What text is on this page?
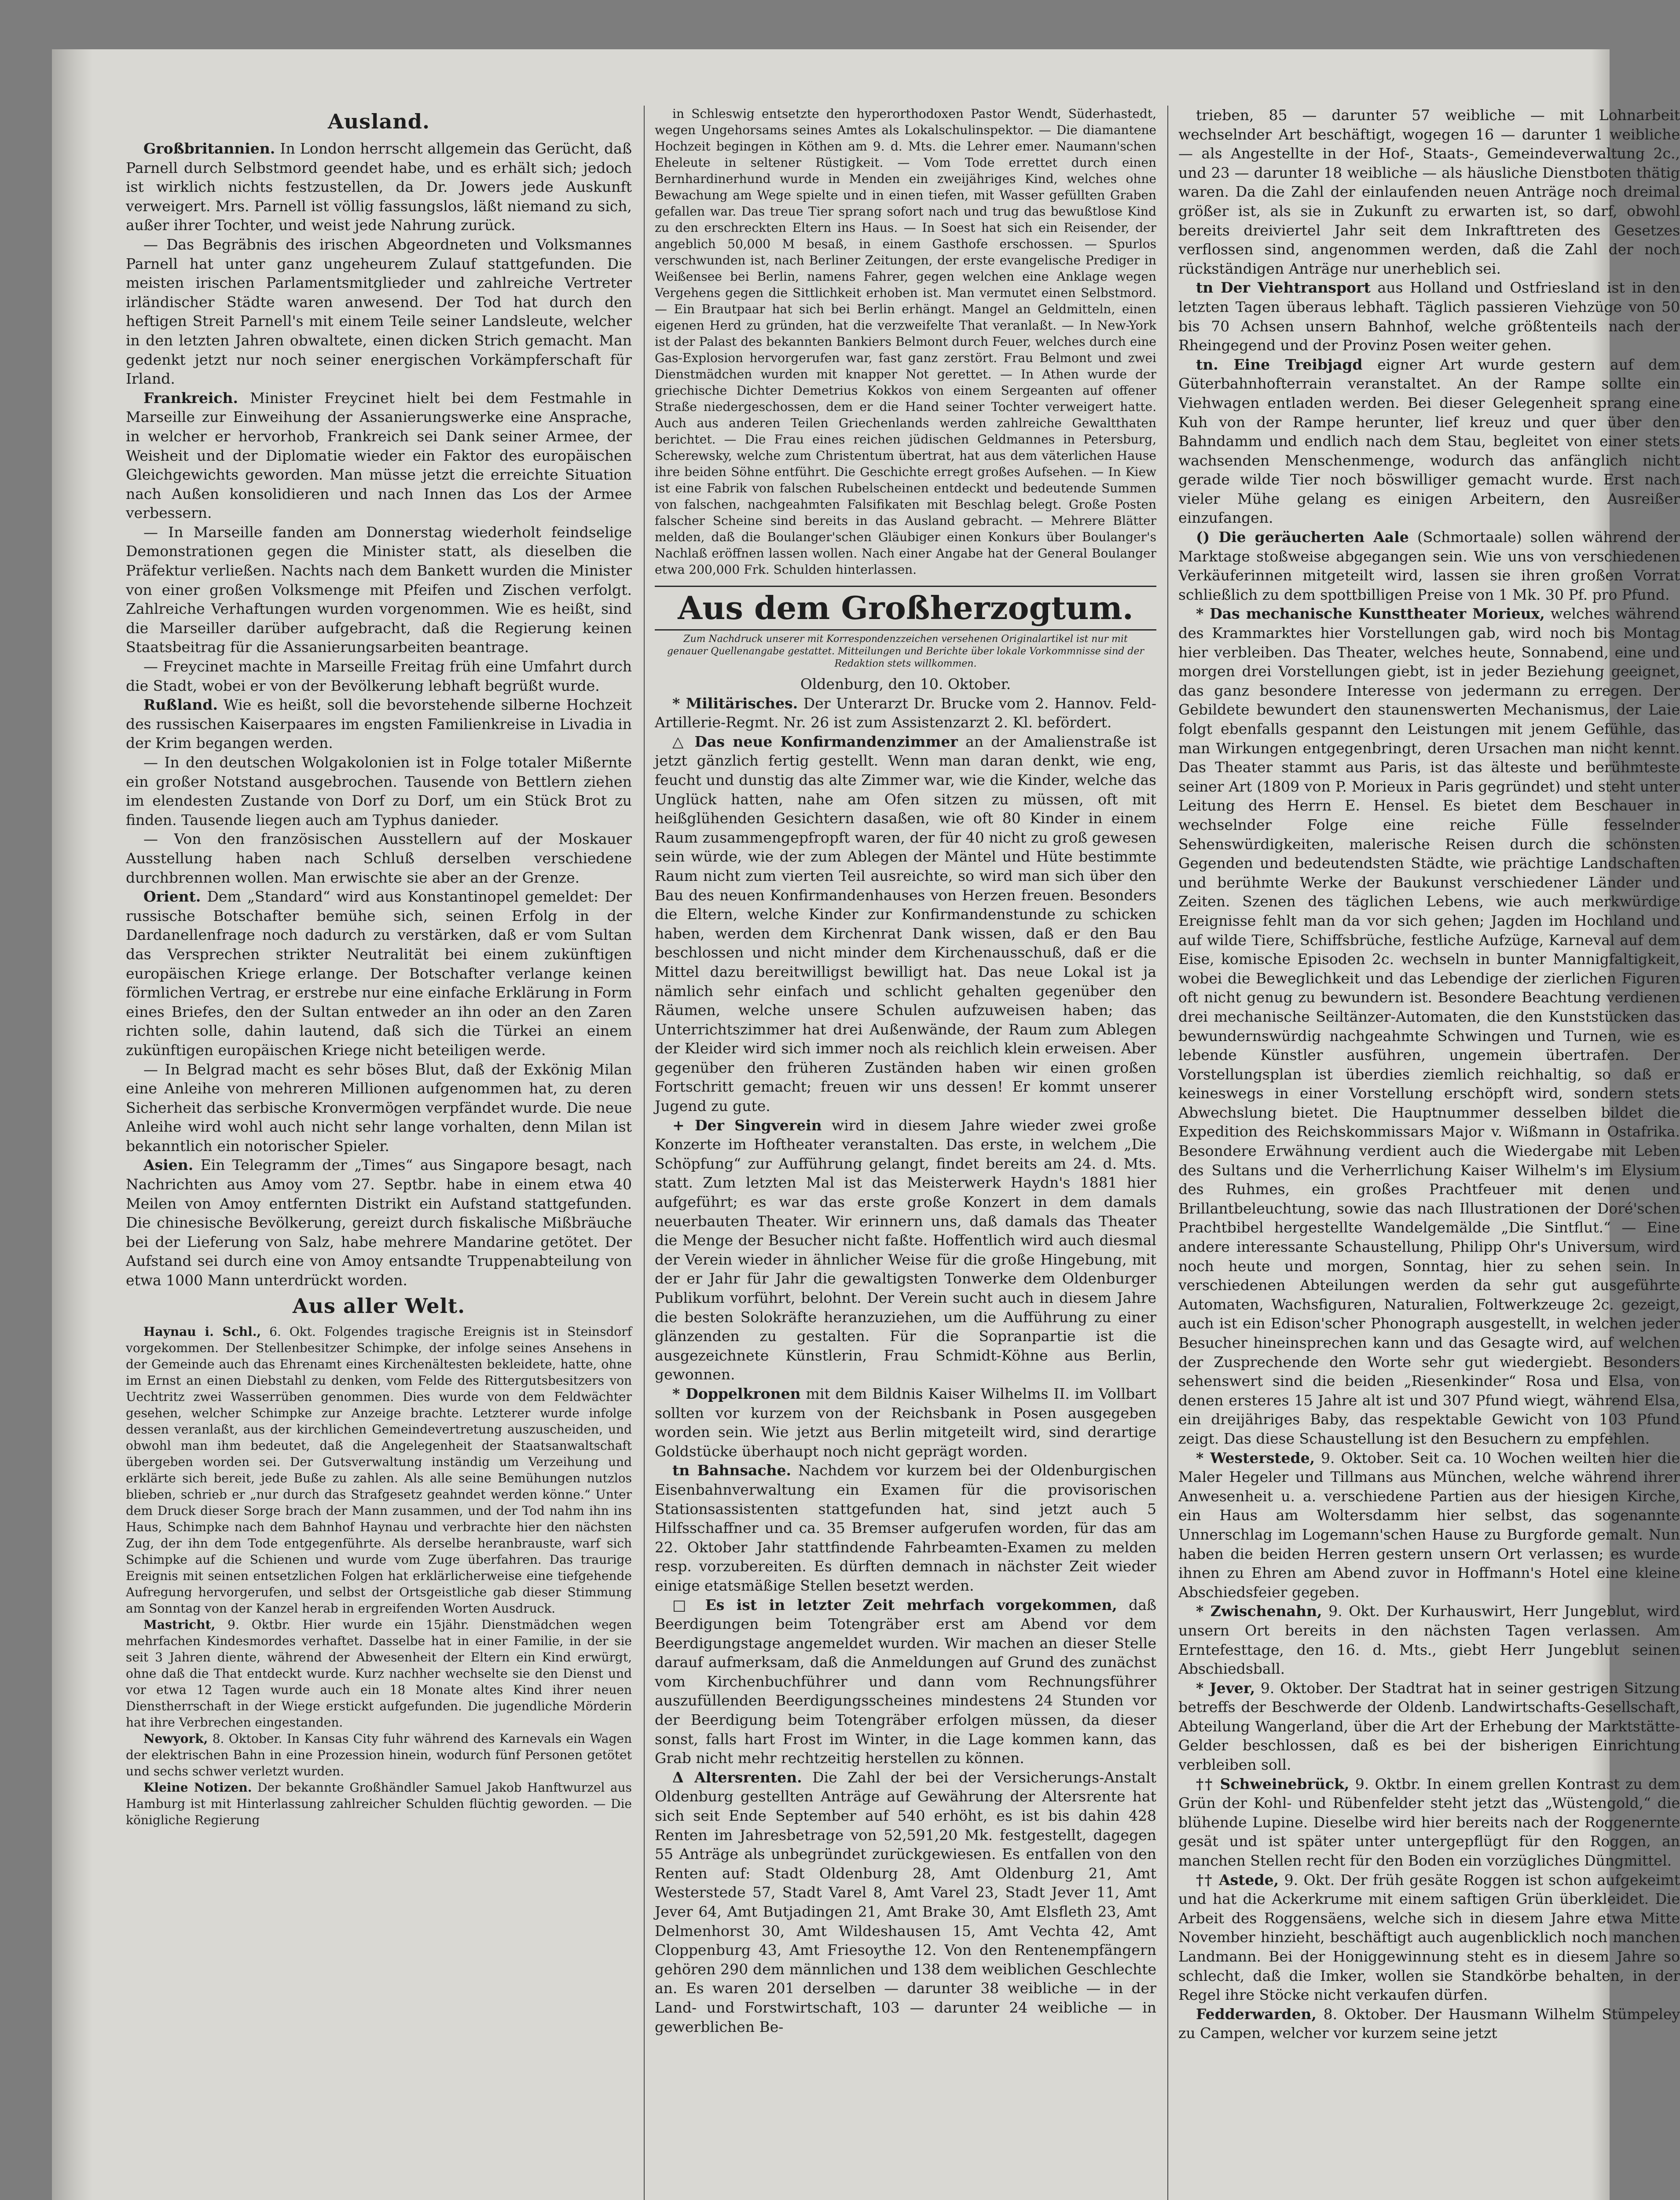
Ausland.

Großbritannien. In London herrscht allgemein das Gerücht, daß Parnell durch Selbstmord geendet habe, und es erhält sich; jedoch ist wirklich nichts festzustellen, da Dr. Jowers jede Auskunft verweigert. Mrs. Parnell ist völlig fassungslos, läßt niemand zu sich, außer ihrer Tochter, und weist jede Nahrung zurück.

— Das Begräbnis des irischen Abgeordneten und Volksmannes Parnell hat unter ganz ungeheurem Zulauf stattgefunden. Die meisten irischen Parlamentsmitglieder und zahlreiche Vertreter irländischer Städte waren anwesend. Der Tod hat durch den heftigen Streit Parnell's mit einem Teile seiner Landsleute, welcher in den letzten Jahren obwaltete, einen dicken Strich gemacht. Man gedenkt jetzt nur noch seiner energischen Vorkämpferschaft für Irland.

Frankreich. Minister Freycinet hielt bei dem Festmahle in Marseille zur Einweihung der Assanierungswerke eine Ansprache, in welcher er hervorhob, Frankreich sei Dank seiner Armee, der Weisheit und der Diplomatie wieder ein Faktor des europäischen Gleichgewichts geworden. Man müsse jetzt die erreichte Situation nach Außen konsolidieren und nach Innen das Los der Armee verbessern.

— In Marseille fanden am Donnerstag wiederholt feindselige Demonstrationen gegen die Minister statt, als dieselben die Präfektur verließen. Nachts nach dem Bankett wurden die Minister von einer großen Volksmenge mit Pfeifen und Zischen verfolgt. Zahlreiche Verhaftungen wurden vorgenommen. Wie es heißt, sind die Marseiller darüber aufgebracht, daß die Regierung keinen Staatsbeitrag für die Assanierungsarbeiten beantrage.

— Freycinet machte in Marseille Freitag früh eine Umfahrt durch die Stadt, wobei er von der Bevölkerung lebhaft begrüßt wurde.

Rußland. Wie es heißt, soll die bevorstehende silberne Hochzeit des russischen Kaiserpaares im engsten Familienkreise in Livadia in der Krim begangen werden.

— In den deutschen Wolgakolonien ist in Folge totaler Mißernte ein großer Notstand ausgebrochen. Tausende von Bettlern ziehen im elendesten Zustande von Dorf zu Dorf, um ein Stück Brot zu finden. Tausende liegen auch am Typhus danieder.

— Von den französischen Ausstellern auf der Moskauer Ausstellung haben nach Schluß derselben verschiedene durchbrennen wollen. Man erwischte sie aber an der Grenze.

Orient. Dem „Standard“ wird aus Konstantinopel gemeldet: Der russische Botschafter bemühe sich, seinen Erfolg in der Dardanellenfrage noch dadurch zu verstärken, daß er vom Sultan das Versprechen strikter Neutralität bei einem zukünftigen europäischen Kriege erlange. Der Botschafter verlange keinen förmlichen Vertrag, er erstrebe nur eine einfache Erklärung in Form eines Briefes, den der Sultan entweder an ihn oder an den Zaren richten solle, dahin lautend, daß sich die Türkei an einem zukünftigen europäischen Kriege nicht beteiligen werde.

— In Belgrad macht es sehr böses Blut, daß der Exkönig Milan eine Anleihe von mehreren Millionen aufgenommen hat, zu deren Sicherheit das serbische Kronvermögen verpfändet wurde. Die neue Anleihe wird wohl auch nicht sehr lange vorhalten, denn Milan ist bekanntlich ein notorischer Spieler.

Asien. Ein Telegramm der „Times“ aus Singapore besagt, nach Nachrichten aus Amoy vom 27. Septbr. habe in einem etwa 40 Meilen von Amoy entfernten Distrikt ein Aufstand stattgefunden. Die chinesische Bevölkerung, gereizt durch fiskalische Mißbräuche bei der Lieferung von Salz, habe mehrere Mandarine getötet. Der Aufstand sei durch eine von Amoy entsandte Truppenabteilung von etwa 1000 Mann unterdrückt worden.

Aus aller Welt.

Haynau i. Schl., 6. Okt. Folgendes tragische Ereignis ist in Steinsdorf vorgekommen. Der Stellenbesitzer Schimpke, der infolge seines Ansehens in der Gemeinde auch das Ehrenamt eines Kirchenältesten bekleidete, hatte, ohne im Ernst an einen Diebstahl zu denken, vom Felde des Rittergutsbesitzers von Uechtritz zwei Wasserrüben genommen. Dies wurde von dem Feldwächter gesehen, welcher Schimpke zur Anzeige brachte. Letzterer wurde infolge dessen veranlaßt, aus der kirchlichen Gemeindevertretung auszuscheiden, und obwohl man ihm bedeutet, daß die Angelegenheit der Staatsanwaltschaft übergeben worden sei. Der Gutsverwaltung inständig um Verzeihung und erklärte sich bereit, jede Buße zu zahlen. Als alle seine Bemühungen nutzlos blieben, schrieb er „nur durch das Strafgesetz geahndet werden könne.“ Unter dem Druck dieser Sorge brach der Mann zusammen, und der Tod nahm ihn ins Haus, Schimpke nach dem Bahnhof Haynau und verbrachte hier den nächsten Zug, der ihn dem Tode entgegenführte. Als derselbe heranbrauste, warf sich Schimpke auf die Schienen und wurde vom Zuge überfahren. Das traurige Ereignis mit seinen entsetzlichen Folgen hat erklärlicherweise eine tiefgehende Aufregung hervorgerufen, und selbst der Ortsgeistliche gab dieser Stimmung am Sonntag von der Kanzel herab in ergreifenden Worten Ausdruck.

Mastricht, 9. Oktbr. Hier wurde ein 15jähr. Dienstmädchen wegen mehrfachen Kindesmordes verhaftet. Dasselbe hat in einer Familie, in der sie seit 3 Jahren diente, während der Abwesenheit der Eltern ein Kind erwürgt, ohne daß die That entdeckt wurde. Kurz nachher wechselte sie den Dienst und vor etwa 12 Tagen wurde auch ein 18 Monate altes Kind ihrer neuen Dienstherrschaft in der Wiege erstickt aufgefunden. Die jugendliche Mörderin hat ihre Verbrechen eingestanden.

Newyork, 8. Oktober. In Kansas City fuhr während des Karnevals ein Wagen der elektrischen Bahn in eine Prozession hinein, wodurch fünf Personen getötet und sechs schwer verletzt wurden.

Kleine Notizen. Der bekannte Großhändler Samuel Jakob Hanftwurzel aus Hamburg ist mit Hinterlassung zahlreicher Schulden flüchtig geworden. — Die königliche Regierung

in Schleswig entsetzte den hyperorthodoxen Pastor Wendt, Süderhastedt, wegen Ungehorsams seines Amtes als Lokalschulinspektor. — Die diamantene Hochzeit begingen in Köthen am 9. d. Mts. die Lehrer emer. Naumann'schen Eheleute in seltener Rüstigkeit. — Vom Tode errettet durch einen Bernhardinerhund wurde in Menden ein zweijähriges Kind, welches ohne Bewachung am Wege spielte und in einen tiefen, mit Wasser gefüllten Graben gefallen war. Das treue Tier sprang sofort nach und trug das bewußtlose Kind zu den erschreckten Eltern ins Haus. — In Soest hat sich ein Reisender, der angeblich 50,000 M besaß, in einem Gasthofe erschossen. — Spurlos verschwunden ist, nach Berliner Zeitungen, der erste evangelische Prediger in Weißensee bei Berlin, namens Fahrer, gegen welchen eine Anklage wegen Vergehens gegen die Sittlichkeit erhoben ist. Man vermutet einen Selbstmord. — Ein Brautpaar hat sich bei Berlin erhängt. Mangel an Geldmitteln, einen eigenen Herd zu gründen, hat die verzweifelte That veranlaßt. — In New-York ist der Palast des bekannten Bankiers Belmont durch Feuer, welches durch eine Gas-Explosion hervorgerufen war, fast ganz zerstört. Frau Belmont und zwei Dienstmädchen wurden mit knapper Not gerettet. — In Athen wurde der griechische Dichter Demetrius Kokkos von einem Sergeanten auf offener Straße niedergeschossen, dem er die Hand seiner Tochter verweigert hatte. Auch aus anderen Teilen Griechenlands werden zahlreiche Gewaltthaten berichtet. — Die Frau eines reichen jüdischen Geldmannes in Petersburg, Scherewsky, welche zum Christentum übertrat, hat aus dem väterlichen Hause ihre beiden Söhne entführt. Die Geschichte erregt großes Aufsehen. — In Kiew ist eine Fabrik von falschen Rubelscheinen entdeckt und bedeutende Summen von falschen, nachgeahmten Falsifikaten mit Beschlag belegt. Große Posten falscher Scheine sind bereits in das Ausland gebracht. — Mehrere Blätter melden, daß die Boulanger'schen Gläubiger einen Konkurs über Boulanger's Nachlaß eröffnen lassen wollen. Nach einer Angabe hat der General Boulanger etwa 200,000 Frk. Schulden hinterlassen.

Aus dem Großherzogtum.
Zum Nachdruck unserer mit Korrespondenzzeichen versehenen Originalartikel ist nur mit genauer Quellenangabe gestattet. Mitteilungen und Berichte über lokale Vorkommnisse sind der Redaktion stets willkommen.
Oldenburg, den 10. Oktober.

* Militärisches. Der Unterarzt Dr. Brucke vom 2. Hannov. Feld-Artillerie-Regmt. Nr. 26 ist zum Assistenzarzt 2. Kl. befördert.

△ Das neue Konfirmandenzimmer an der Amalienstraße ist jetzt gänzlich fertig gestellt. Wenn man daran denkt, wie eng, feucht und dunstig das alte Zimmer war, wie die Kinder, welche das Unglück hatten, nahe am Ofen sitzen zu müssen, oft mit heißglühenden Gesichtern dasaßen, wie oft 80 Kinder in einem Raum zusammengepfropft waren, der für 40 nicht zu groß gewesen sein würde, wie der zum Ablegen der Mäntel und Hüte bestimmte Raum nicht zum vierten Teil ausreichte, so wird man sich über den Bau des neuen Konfirmandenhauses von Herzen freuen. Besonders die Eltern, welche Kinder zur Konfirmandenstunde zu schicken haben, werden dem Kirchenrat Dank wissen, daß er den Bau beschlossen und nicht minder dem Kirchenausschuß, daß er die Mittel dazu bereitwilligst bewilligt hat. Das neue Lokal ist ja nämlich sehr einfach und schlicht gehalten gegenüber den Räumen, welche unsere Schulen aufzuweisen haben; das Unterrichtszimmer hat drei Außenwände, der Raum zum Ablegen der Kleider wird sich immer noch als reichlich klein erweisen. Aber gegenüber den früheren Zuständen haben wir einen großen Fortschritt gemacht; freuen wir uns dessen! Er kommt unserer Jugend zu gute.

+ Der Singverein wird in diesem Jahre wieder zwei große Konzerte im Hoftheater veranstalten. Das erste, in welchem „Die Schöpfung“ zur Aufführung gelangt, findet bereits am 24. d. Mts. statt. Zum letzten Mal ist das Meisterwerk Haydn's 1881 hier aufgeführt; es war das erste große Konzert in dem damals neuerbauten Theater. Wir erinnern uns, daß damals das Theater die Menge der Besucher nicht faßte. Hoffentlich wird auch diesmal der Verein wieder in ähnlicher Weise für die große Hingebung, mit der er Jahr für Jahr die gewaltigsten Tonwerke dem Oldenburger Publikum vorführt, belohnt. Der Verein sucht auch in diesem Jahre die besten Solokräfte heranzuziehen, um die Aufführung zu einer glänzenden zu gestalten. Für die Sopranpartie ist die ausgezeichnete Künstlerin, Frau Schmidt-Köhne aus Berlin, gewonnen.

* Doppelkronen mit dem Bildnis Kaiser Wilhelms II. im Vollbart sollten vor kurzem von der Reichsbank in Posen ausgegeben worden sein. Wie jetzt aus Berlin mitgeteilt wird, sind derartige Goldstücke überhaupt noch nicht geprägt worden.

tn Bahnsache. Nachdem vor kurzem bei der Oldenburgischen Eisenbahnverwaltung ein Examen für die provisorischen Stationsassistenten stattgefunden hat, sind jetzt auch 5 Hilfsschaffner und ca. 35 Bremser aufgerufen worden, für das am 22. Oktober Jahr stattfindende Fahrbeamten-Examen zu melden resp. vorzubereiten. Es dürften demnach in nächster Zeit wieder einige etatsmäßige Stellen besetzt werden.

□ Es ist in letzter Zeit mehrfach vorgekommen, daß Beerdigungen beim Totengräber erst am Abend vor dem Beerdigungstage angemeldet wurden. Wir machen an dieser Stelle darauf aufmerksam, daß die Anmeldungen auf Grund des zunächst vom Kirchenbuchführer und dann vom Rechnungsführer auszufüllenden Beerdigungsscheines mindestens 24 Stunden vor der Beerdigung beim Totengräber erfolgen müssen, da dieser sonst, falls hart Frost im Winter, in die Lage kommen kann, das Grab nicht mehr rechtzeitig herstellen zu können.

Δ Altersrenten. Die Zahl der bei der Versicherungs-Anstalt Oldenburg gestellten Anträge auf Gewährung der Altersrente hat sich seit Ende September auf 540 erhöht, es ist bis dahin 428 Renten im Jahresbetrage von 52,591,20 Mk. festgestellt, dagegen 55 Anträge als unbegründet zurückgewiesen. Es entfallen von den Renten auf: Stadt Oldenburg 28, Amt Oldenburg 21, Amt Westerstede 57, Stadt Varel 8, Amt Varel 23, Stadt Jever 11, Amt Jever 64, Amt Butjadingen 21, Amt Brake 30, Amt Elsfleth 23, Amt Delmenhorst 30, Amt Wildeshausen 15, Amt Vechta 42, Amt Cloppenburg 43, Amt Friesoythe 12. Von den Rentenempfängern gehören 290 dem männlichen und 138 dem weiblichen Geschlechte an. Es waren 201 derselben — darunter 38 weibliche — in der Land- und Forstwirtschaft, 103 — darunter 24 weibliche — in gewerblichen Be-

trieben, 85 — darunter 57 weibliche — mit Lohnarbeit wechselnder Art beschäftigt, wogegen 16 — darunter 1 weibliche — als Angestellte in der Hof-, Staats-, Gemeindeverwaltung 2c., und 23 — darunter 18 weibliche — als häusliche Dienstboten thätig waren. Da die Zahl der einlaufenden neuen Anträge noch dreimal größer ist, als sie in Zukunft zu erwarten ist, so darf, obwohl bereits dreiviertel Jahr seit dem Inkrafttreten des Gesetzes verflossen sind, angenommen werden, daß die Zahl der noch rückständigen Anträge nur unerheblich sei.

tn Der Viehtransport aus Holland und Ostfriesland ist in den letzten Tagen überaus lebhaft. Täglich passieren Viehzüge von 50 bis 70 Achsen unsern Bahnhof, welche größtenteils nach der Rheingegend und der Provinz Posen weiter gehen.

tn. Eine Treibjagd eigner Art wurde gestern auf dem Güterbahnhofterrain veranstaltet. An der Rampe sollte ein Viehwagen entladen werden. Bei dieser Gelegenheit sprang eine Kuh von der Rampe herunter, lief kreuz und quer über den Bahndamm und endlich nach dem Stau, begleitet von einer stets wachsenden Menschenmenge, wodurch das anfänglich nicht gerade wilde Tier noch böswilliger gemacht wurde. Erst nach vieler Mühe gelang es einigen Arbeitern, den Ausreißer einzufangen.

() Die geräucherten Aale (Schmortaale) sollen während der Marktage stoßweise abgegangen sein. Wie uns von verschiedenen Verkäuferinnen mitgeteilt wird, lassen sie ihren großen Vorrat schließlich zu dem spottbilligen Preise von 1 Mk. 30 Pf. pro Pfund.

* Das mechanische Kunsttheater Morieux, welches während des Krammarktes hier Vorstellungen gab, wird noch bis Montag hier verbleiben. Das Theater, welches heute, Sonnabend, eine und morgen drei Vorstellungen giebt, ist in jeder Beziehung geeignet, das ganz besondere Interesse von jedermann zu erregen. Der Gebildete bewundert den staunenswerten Mechanismus, der Laie folgt ebenfalls gespannt den Leistungen mit jenem Gefühle, das man Wirkungen entgegenbringt, deren Ursachen man nicht kennt. Das Theater stammt aus Paris, ist das älteste und berühmteste seiner Art (1809 von P. Morieux in Paris gegründet) und steht unter Leitung des Herrn E. Hensel. Es bietet dem Beschauer in wechselnder Folge eine reiche Fülle fesselnder Sehenswürdigkeiten, malerische Reisen durch die schönsten Gegenden und bedeutendsten Städte, wie prächtige Landschaften und berühmte Werke der Baukunst verschiedener Länder und Zeiten. Szenen des täglichen Lebens, wie auch merkwürdige Ereignisse fehlt man da vor sich gehen; Jagden im Hochland und auf wilde Tiere, Schiffsbrüche, festliche Aufzüge, Karneval auf dem Eise, komische Episoden 2c. wechseln in bunter Mannigfaltigkeit, wobei die Beweglichkeit und das Lebendige der zierlichen Figuren oft nicht genug zu bewundern ist. Besondere Beachtung verdienen drei mechanische Seiltänzer-Automaten, die den Kunststücken das bewundernswürdig nachgeahmte Schwingen und Turnen, wie es lebende Künstler ausführen, ungemein übertrafen. Der Vorstellungsplan ist überdies ziemlich reichhaltig, so daß er keineswegs in einer Vorstellung erschöpft wird, sondern stets Abwechslung bietet. Die Hauptnummer desselben bildet die Expedition des Reichskommissars Major v. Wißmann in Ostafrika. Besondere Erwähnung verdient auch die Wiedergabe mit Leben des Sultans und die Verherrlichung Kaiser Wilhelm's im Elysium des Ruhmes, ein großes Prachtfeuer mit denen und Brillantbeleuchtung, sowie das nach Illustrationen der Doré'schen Prachtbibel hergestellte Wandelgemälde „Die Sintflut.“ — Eine andere interessante Schaustellung, Philipp Ohr's Universum, wird noch heute und morgen, Sonntag, hier zu sehen sein. In verschiedenen Abteilungen werden da sehr gut ausgeführte Automaten, Wachsfiguren, Naturalien, Foltwerkzeuge 2c. gezeigt, auch ist ein Edison'scher Phonograph ausgestellt, in welchen jeder Besucher hineinsprechen kann und das Gesagte wird, auf welchen der Zusprechende den Worte sehr gut wiedergiebt. Besonders sehenswert sind die beiden „Riesenkinder“ Rosa und Elsa, von denen ersteres 15 Jahre alt ist und 307 Pfund wiegt, während Elsa, ein dreijähriges Baby, das respektable Gewicht von 103 Pfund zeigt. Das diese Schaustellung ist den Besuchern zu empfehlen.

* Westerstede, 9. Oktober. Seit ca. 10 Wochen weilten hier die Maler Hegeler und Tillmans aus München, welche während ihrer Anwesenheit u. a. verschiedene Partien aus der hiesigen Kirche, ein Haus am Woltersdamm hier selbst, das sogenannte Unnerschlag im Logemann'schen Hause zu Burgforde gemalt. Nun haben die beiden Herren gestern unsern Ort verlassen; es wurde ihnen zu Ehren am Abend zuvor in Hoffmann's Hotel eine kleine Abschiedsfeier gegeben.

* Zwischenahn, 9. Okt. Der Kurhauswirt, Herr Jungeblut, wird unsern Ort bereits in den nächsten Tagen verlassen. Am Erntefesttage, den 16. d. Mts., giebt Herr Jungeblut seinen Abschiedsball.

* Jever, 9. Oktober. Der Stadtrat hat in seiner gestrigen Sitzung betreffs der Beschwerde der Oldenb. Landwirtschafts-Gesellschaft, Abteilung Wangerland, über die Art der Erhebung der Marktstätte-Gelder beschlossen, daß es bei der bisherigen Einrichtung verbleiben soll.

†† Schweinebrück, 9. Oktbr. In einem grellen Kontrast zu dem Grün der Kohl- und Rübenfelder steht jetzt das „Wüstengold,“ die blühende Lupine. Dieselbe wird hier bereits nach der Roggenernte gesät und ist später unter untergepflügt für den Roggen, an manchen Stellen recht für den Boden ein vorzügliches Düngmittel.

†† Astede, 9. Okt. Der früh gesäte Roggen ist schon aufgekeimt und hat die Ackerkrume mit einem saftigen Grün überkleidet. Die Arbeit des Roggensäens, welche sich in diesem Jahre etwa Mitte November hinzieht, beschäftigt auch augenblicklich noch manchen Landmann. Bei der Honiggewinnung steht es in diesem Jahre so schlecht, daß die Imker, wollen sie Standkörbe behalten, in der Regel ihre Stöcke nicht verkaufen dürfen.

Fedderwarden, 8. Oktober. Der Hausmann Wilhelm Stümpeley zu Campen, welcher vor kurzem seine jetzt
